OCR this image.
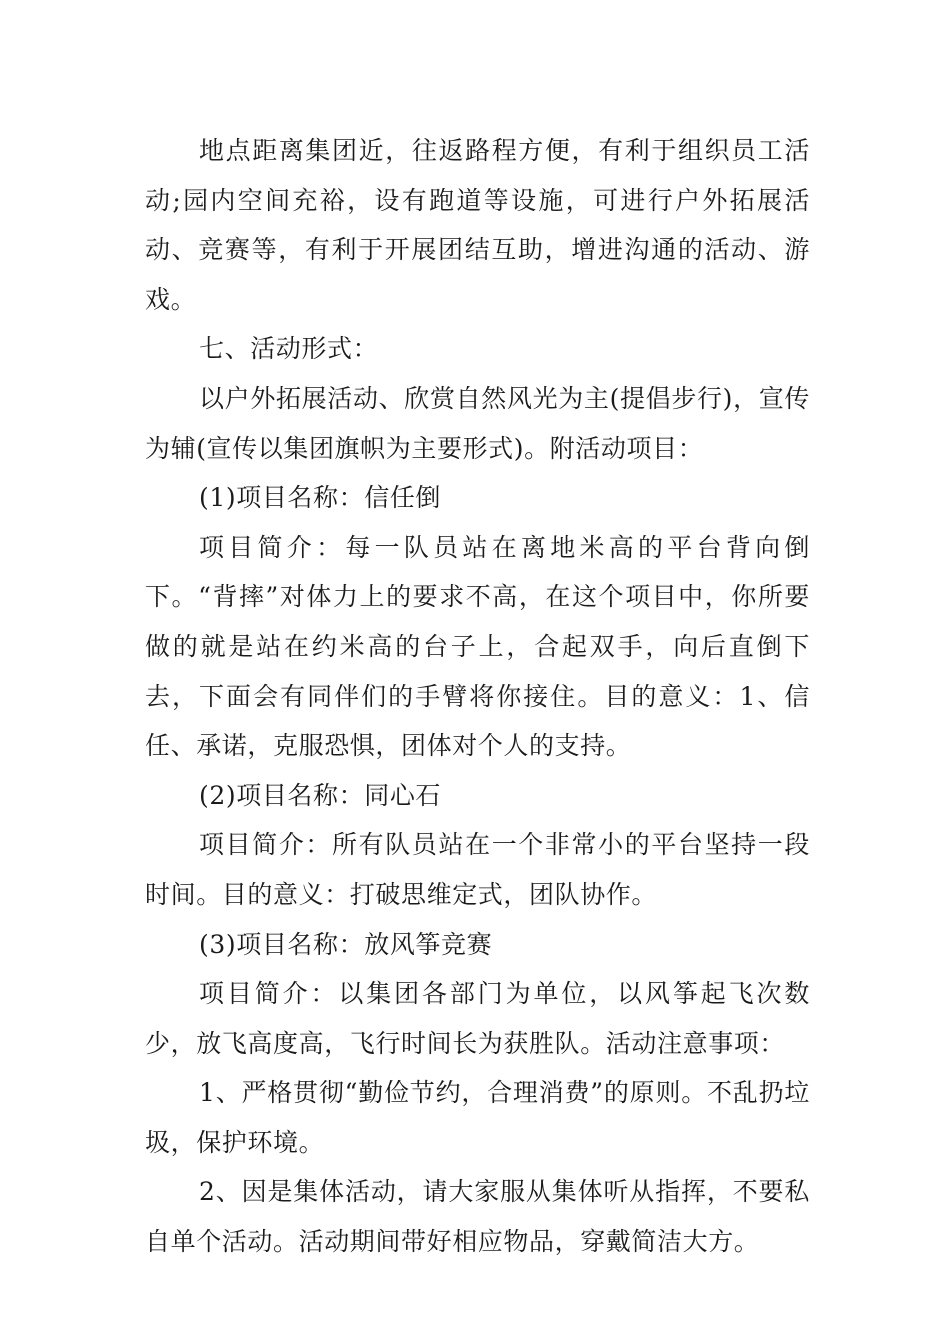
地点距离集团近，往返路程方便，有利于组织员工活动;园内空间充裕，设有跑道等设施，可进行户外拓展活动、竞赛等，有利于开展团结互助，增进沟通的活动、游戏。

七、活动形式：

以户外拓展活动、欣赏自然风光为主(提倡步行)，宣传为辅(宣传以集团旗帜为主要形式)。附活动项目：

(1)项目名称：信任倒

项目简介：每一队员站在离地米高的平台背向倒下。“背摔”对体力上的要求不高，在这个项目中，你所要做的就是站在约米高的台子上，合起双手，向后直倒下去，下面会有同伴们的手臂将你接住。目的意义：1、信任、承诺，克服恐惧，团体对个人的支持。

(2)项目名称：同心石

项目简介：所有队员站在一个非常小的平台坚持一段时间。目的意义：打破思维定式，团队协作。

(3)项目名称：放风筝竞赛

项目简介：以集团各部门为单位，以风筝起飞次数少，放飞高度高，飞行时间长为获胜队。活动注意事项：

1、严格贯彻“勤俭节约，合理消费”的原则。不乱扔垃圾，保护环境。

2、因是集体活动，请大家服从集体听从指挥，不要私自单个活动。活动期间带好相应物品，穿戴简洁大方。
